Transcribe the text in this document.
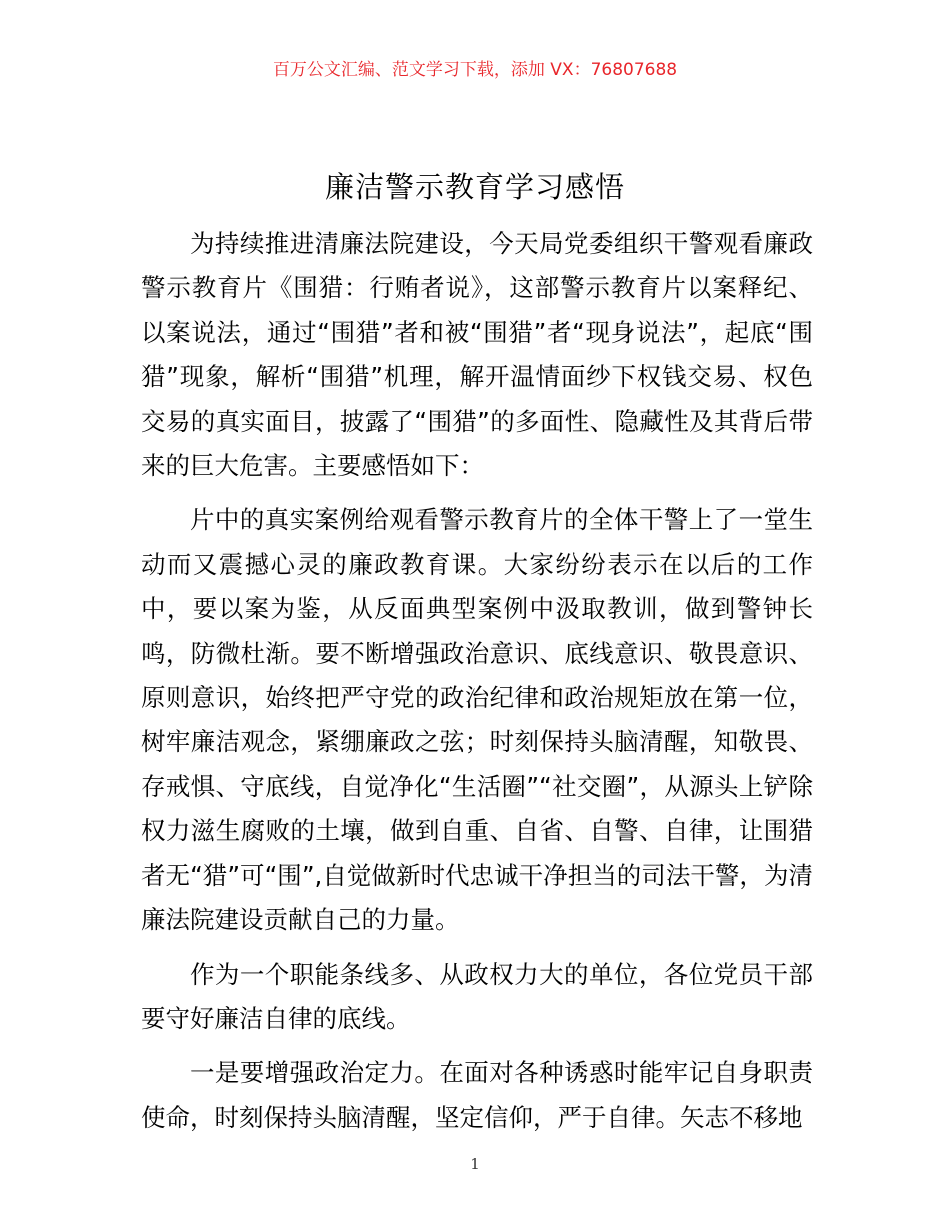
百万公文汇编、范文学习下载，添加 VX：76807688
廉洁警示教育学习感悟

为持续推进清廉法院建设，今天局党委组织干警观看廉政警示教育片《围猎：行贿者说》，这部警示教育片以案释纪、以案说法，通过“围猎”者和被“围猎”者“现身说法”，起底“围猎”现象，解析“围猎”机理，解开温情面纱下权钱交易、权色交易的真实面目，披露了“围猎”的多面性、隐藏性及其背后带来的巨大危害。主要感悟如下：

片中的真实案例给观看警示教育片的全体干警上了一堂生动而又震撼心灵的廉政教育课。大家纷纷表示在以后的工作中，要以案为鉴，从反面典型案例中汲取教训，做到警钟长鸣，防微杜渐。要不断增强政治意识、底线意识、敬畏意识、原则意识，始终把严守党的政治纪律和政治规矩放在第一位，树牢廉洁观念，紧绷廉政之弦；时刻保持头脑清醒，知敬畏、存戒惧、守底线，自觉净化“生活圈”“社交圈”，从源头上铲除权力滋生腐败的土壤，做到自重、自省、自警、自律，让围猎者无“猎”可“围”,自觉做新时代忠诚干净担当的司法干警，为清廉法院建设贡献自己的力量。

作为一个职能条线多、从政权力大的单位，各位党员干部要守好廉洁自律的底线。

一是要增强政治定力。在面对各种诱惑时能牢记自身职责使命，时刻保持头脑清醒，坚定信仰，严于自律。矢志不移地

1
